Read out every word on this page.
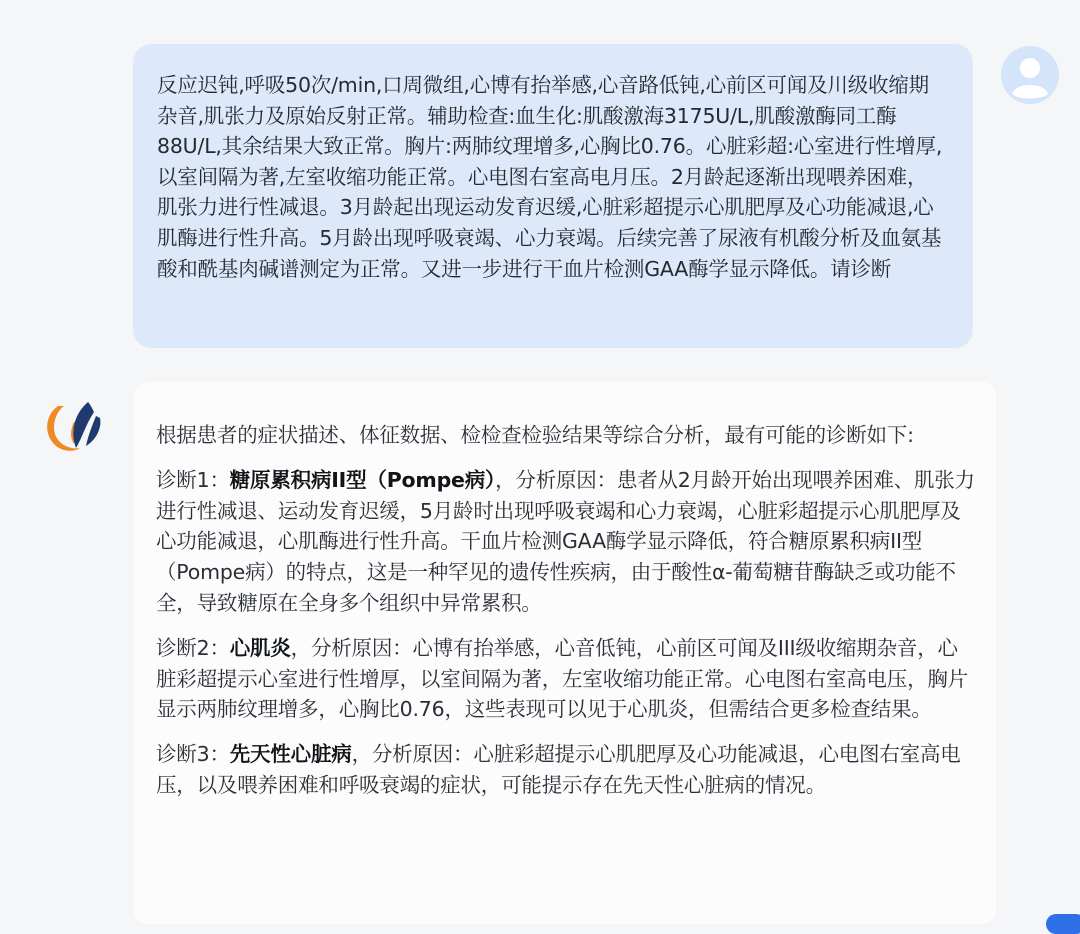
反应迟钝,呼吸50次/min,口周微组,心博有抬举感,心音路低钝,心前区可闻及川级收缩期杂音,肌张力及原始反射正常。辅助检查:血生化:肌酸激海3175U/L,肌酸激酶同工酶88U/L,其余结果大致正常。胸片:两肺纹理增多,心胸比0.76。心脏彩超:心室进行性增厚,以室间隔为著,左室收缩功能正常。心电图右室高电月压。2月龄起逐渐出现喂养困难，肌张力进行性减退。3月龄起出现运动发育迟缓,心脏彩超提示心肌肥厚及心功能减退,心肌酶进行性升高。5月龄出现呼吸衰竭、心力衰竭。后续完善了尿液有机酸分析及血氨基酸和酰基肉碱谱测定为正常。又进一步进行干血片检测GAA酶学显示降低。请诊断

根据患者的症状描述、体征数据、检检查检验结果等综合分析，最有可能的诊断如下:

诊断1：糖原累积病II型（Pompe病），分析原因：患者从2月龄开始出现喂养困难、肌张力进行性减退、运动发育迟缓，5月龄时出现呼吸衰竭和心力衰竭，心脏彩超提示心肌肥厚及心功能减退，心肌酶进行性升高。干血片检测GAA酶学显示降低，符合糖原累积病II型（Pompe病）的特点，这是一种罕见的遗传性疾病，由于酸性α-葡萄糖苷酶缺乏或功能不全，导致糖原在全身多个组织中异常累积。

诊断2：心肌炎，分析原因：心博有抬举感，心音低钝，心前区可闻及III级收缩期杂音，心脏彩超提示心室进行性增厚，以室间隔为著，左室收缩功能正常。心电图右室高电压，胸片显示两肺纹理增多，心胸比0.76，这些表现可以见于心肌炎，但需结合更多检查结果。

诊断3：先天性心脏病，分析原因：心脏彩超提示心肌肥厚及心功能减退，心电图右室高电压，以及喂养困难和呼吸衰竭的症状，可能提示存在先天性心脏病的情况。
